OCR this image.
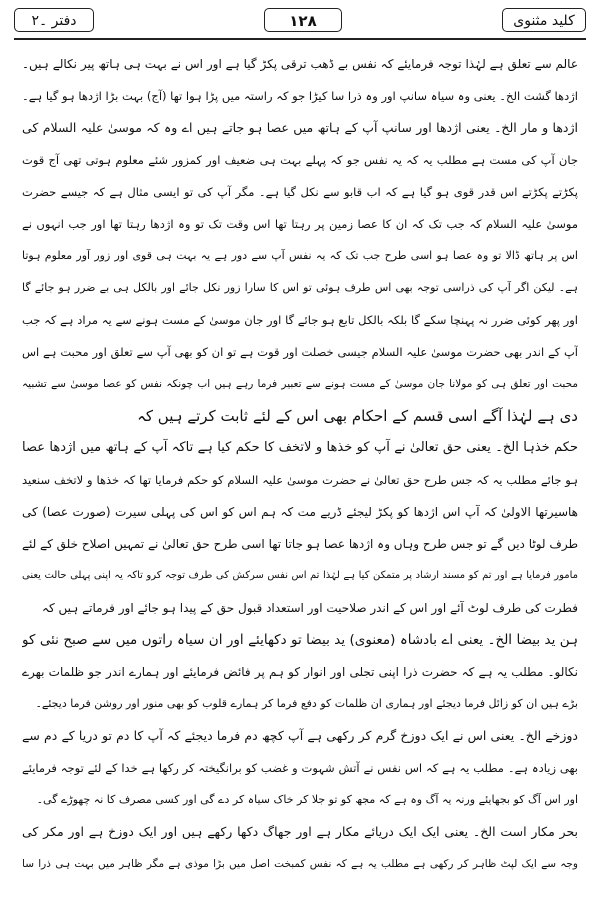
دفتر ۔۲	۱۲۸	کلید مثنوی
عالم سے تعلق ہے لہٰذا توجہ فرمایئے کہ نفس بے ڈھب ترقی پکڑ گیا ہے اور اس نے بہت ہی ہاتھ پیر نکالے ہیں۔
اژدھا گشت الخ۔ یعنی وہ سیاہ سانپ اور وہ ذرا سا کیڑا جو کہ راستہ میں پڑا ہوا تھا (آج) بہت بڑا اژدھا ہو گیا ہے۔
اژدھا و مار الخ۔ یعنی اژدھا اور سانپ آپ کے ہاتھ میں عصا ہو جاتے ہیں اے وہ کہ موسیٰ علیہ السلام کی
جان آپ کی مست ہے مطلب یہ کہ یہ نفس جو کہ پہلے بہت ہی ضعیف اور کمزور شئے معلوم ہوتی تھی آج قوت
پکڑتے پکڑتے اس قدر قوی ہو گیا ہے کہ اب قابو سے نکل گیا ہے۔ مگر آپ کی تو ایسی مثال ہے کہ جیسے حضرت
موسیٰ علیہ السلام کہ جب تک کہ ان کا عصا زمین پر رہتا تھا اس وقت تک تو وہ اژدھا رہتا تھا اور جب انہوں نے
اس پر ہاتھ ڈالا تو وہ عصا ہو اسی طرح جب تک کہ یہ نفس آپ سے دور ہے یہ بہت ہی قوی اور زور آور معلوم ہوتا
ہے۔ لیکن اگر آپ کی ذراسی توجہ بھی اس طرف ہوئی تو اس کا سارا زور نکل جائے اور بالکل ہی بے ضرر ہو جائے گا
اور پھر کوئی ضرر نہ پہنچا سکے گا بلکہ بالکل تابع ہو جائے گا اور جان موسیٰ کے مست ہونے سے یہ مراد ہے کہ جب
آپ کے اندر بھی حضرت موسیٰ علیہ السلام جیسی خصلت اور قوت ہے تو ان کو بھی آپ سے تعلق اور محبت ہے اس
محبت اور تعلق ہی کو مولانا جان موسیٰ کے مست ہونے سے تعبیر فرما رہے ہیں اب چونکہ نفس کو عصا موسیٰ سے تشبیہ
دی ہے لہٰذا آگے اسی قسم کے احکام بھی اس کے لئے ثابت کرتے ہیں کہ
حکم خذہا الخ۔ یعنی حق تعالیٰ نے آپ کو خذھا و لاتخف کا حکم کیا ہے تاکہ آپ کے ہاتھ میں اژدھا عصا
ہو جائے مطلب یہ کہ جس طرح حق تعالیٰ نے حضرت موسیٰ علیہ السلام کو حکم فرمایا تھا کہ خذھا و لاتخف سنعید
ھاسیرتھا الاولیٰ کہ آپ اس اژدھا کو پکڑ لیجئے ڈریے مت کہ ہم اس کو اس کی پہلی سیرت (صورت عصا) کی
طرف لوٹا دیں گے تو جس طرح وہاں وہ اژدھا عصا ہو جاتا تھا اسی طرح حق تعالیٰ نے تمہیں اصلاح خلق کے لئے
مامور فرمایا ہے اور تم کو مسند ارشاد پر متمکن کیا ہے لہٰذا تم اس نفس سرکش کی طرف توجہ کرو تاکہ یہ اپنی پہلی حالت یعنی
فطرت کی طرف لوٹ آئے اور اس کے اندر صلاحیت اور استعداد قبول حق کے پیدا ہو جائے اور فرماتے ہیں کہ
ہن ید بیضا الخ۔ یعنی اے بادشاہ (معنوی) ید بیضا تو دکھایئے اور ان سیاہ راتوں میں سے صبح نئی کو
نکالو۔ مطلب یہ ہے کہ حضرت ذرا اپنی تجلی اور انوار کو ہم پر فائض فرمایئے اور ہمارے اندر جو ظلمات بھرے
بڑے ہیں ان کو زائل فرما دیجئے اور ہماری ان ظلمات کو دفع فرما کر ہمارے قلوب کو بھی منور اور روشن فرما دیجئے۔
دوزخے الخ۔ یعنی اس نے ایک دوزخ گرم کر رکھی ہے آپ کچھ دم فرما دیجئے کہ آپ کا دم تو دریا کے دم سے
بھی زیادہ ہے۔ مطلب یہ ہے کہ اس نفس نے آتش شہوت و غضب کو برانگیختہ کر رکھا ہے خدا کے لئے توجہ فرمایئے
اور اس آگ کو بجھایئے ورنہ یہ آگ وہ ہے کہ مجھ کو تو جلا کر خاک سیاہ کر دے گی اور کسی مصرف کا نہ چھوڑے گی۔
بحر مکار است الخ۔ یعنی ایک ایک دریائے مکار ہے اور جھاگ دکھا رکھے ہیں اور ایک دوزخ ہے اور مکر کی
وجہ سے ایک لپٹ ظاہر کر رکھی ہے مطلب یہ ہے کہ نفس کمبخت اصل میں بڑا موذی ہے مگر ظاہر میں بہت ہی ذرا سا
